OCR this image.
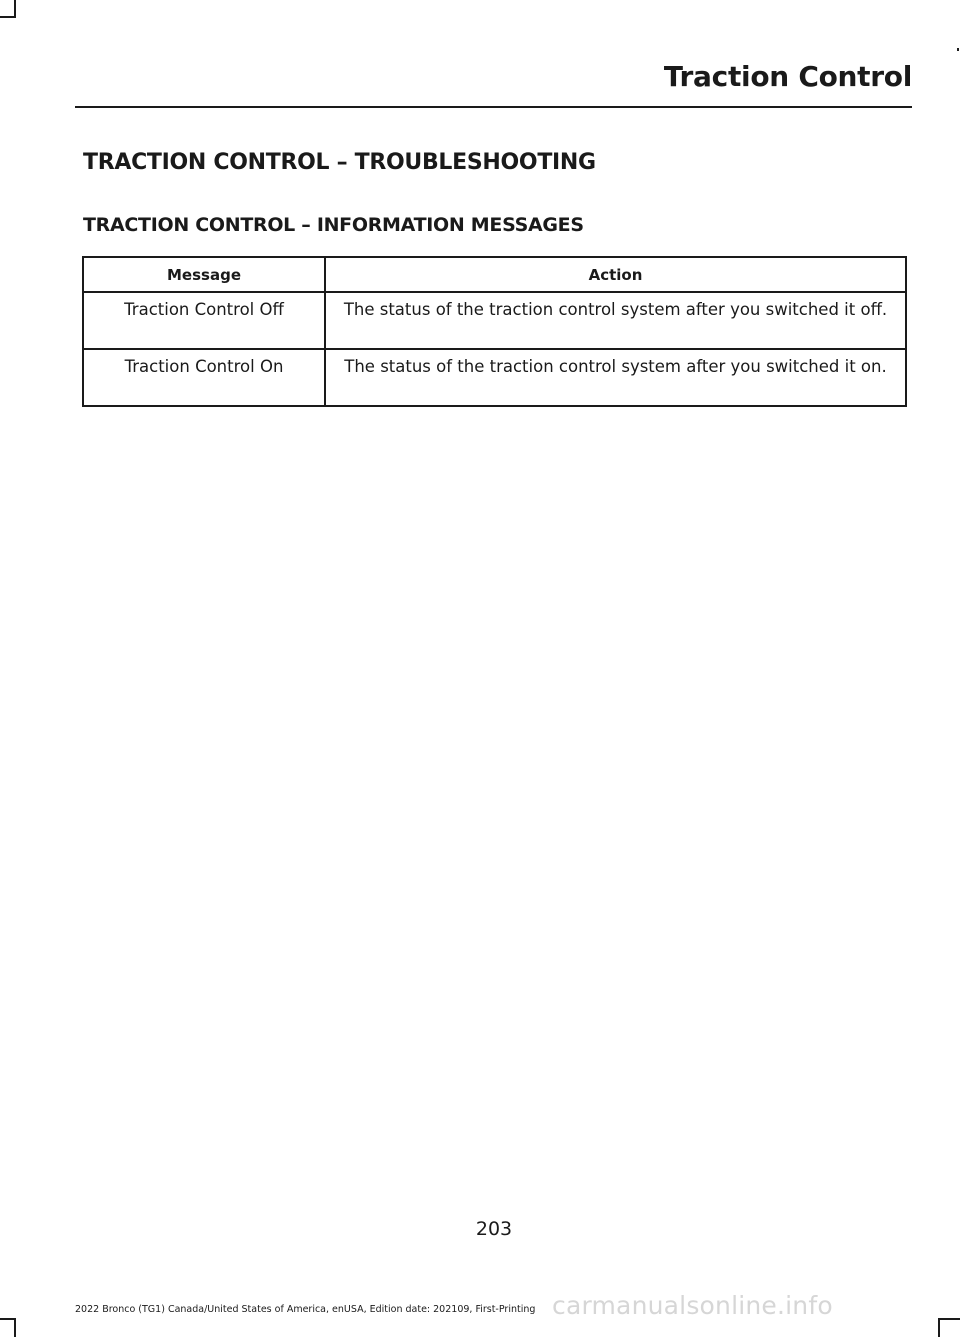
Traction Control
TRACTION CONTROL – TROUBLESHOOTING
TRACTION CONTROL – INFORMATION MESSAGES
Message	Action
Traction Control Off	The status of the traction control system after you switched it off.
Traction Control On	The status of the traction control system after you switched it on.
203
2022 Bronco (TG1) Canada/United States of America, enUSA, Edition date: 202109, First-Printing carmanualsonline.info
